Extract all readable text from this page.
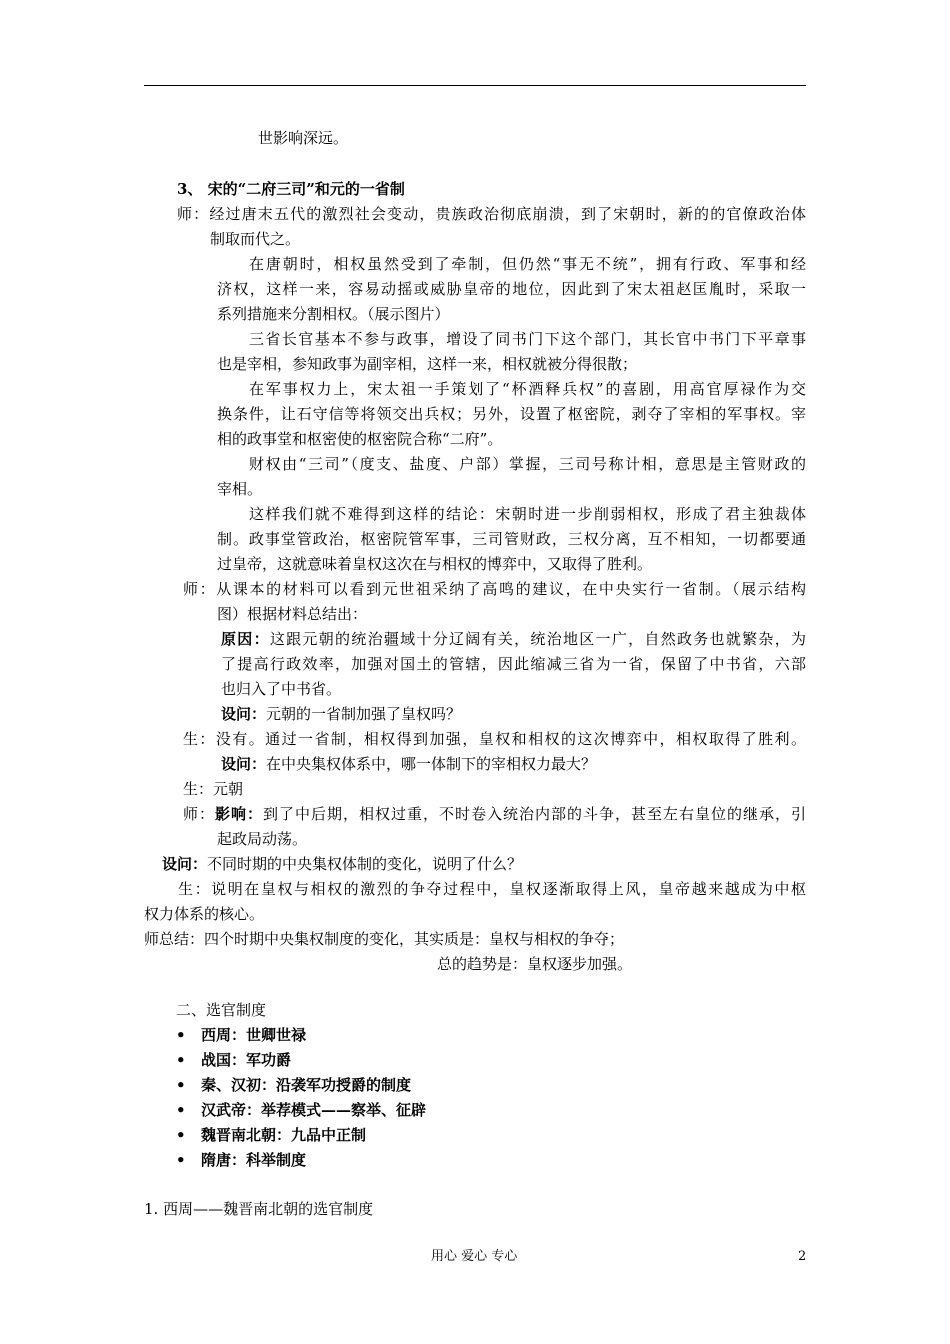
世影响深远。
3、 宋的“二府三司”和元的一省制
师：经过唐末五代的激烈社会变动，贵族政治彻底崩溃，到了宋朝时，新的的官僚政治体
制取而代之。
在唐朝时，相权虽然受到了牵制，但仍然“事无不统”，拥有行政、军事和经
济权，这样一来，容易动摇或威胁皇帝的地位，因此到了宋太祖赵匡胤时，采取一
系列措施来分割相权。（展示图片）
三省长官基本不参与政事，增设了同书门下这个部门，其长官中书门下平章事
也是宰相，参知政事为副宰相，这样一来，相权就被分得很散；
在军事权力上，宋太祖一手策划了“杯酒释兵权”的喜剧，用高官厚禄作为交
换条件，让石守信等将领交出兵权；另外，设置了枢密院，剥夺了宰相的军事权。宰
相的政事堂和枢密使的枢密院合称“二府”。
财权由“三司”（度支、盐度、户部）掌握，三司号称计相，意思是主管财政的
宰相。
这样我们就不难得到这样的结论：宋朝时进一步削弱相权，形成了君主独裁体
制。政事堂管政治，枢密院管军事，三司管财政，三权分离，互不相知，一切都要通
过皇帝，这就意味着皇权这次在与相权的博弈中，又取得了胜利。
师：从课本的材料可以看到元世祖采纳了高鸣的建议，在中央实行一省制。（展示结构
图）根据材料总结出：
原因：这跟元朝的统治疆域十分辽阔有关，统治地区一广，自然政务也就繁杂，为
了提高行政效率，加强对国土的管辖，因此缩减三省为一省，保留了中书省，六部
也归入了中书省。
设问：元朝的一省制加强了皇权吗？
生：没有。通过一省制，相权得到加强，皇权和相权的这次博弈中，相权取得了胜利。
设问：在中央集权体系中，哪一体制下的宰相权力最大？
生：元朝
师：影响：到了中后期，相权过重，不时卷入统治内部的斗争，甚至左右皇位的继承，引
起政局动荡。
设问：不同时期的中央集权体制的变化，说明了什么？
生：说明在皇权与相权的激烈的争夺过程中，皇权逐渐取得上风，皇帝越来越成为中枢
权力体系的核心。
师总结：四个时期中央集权制度的变化，其实质是：皇权与相权的争夺；
总的趋势是：皇权逐步加强。
二、选官制度
• 西周：世卿世禄
• 战国：军功爵
• 秦、汉初：沿袭军功授爵的制度
• 汉武帝：举荐模式——察举、征辟
• 魏晋南北朝：九品中正制
• 隋唐：科举制度
1. 西周——魏晋南北朝的选官制度
用心 爱心 专心	2
